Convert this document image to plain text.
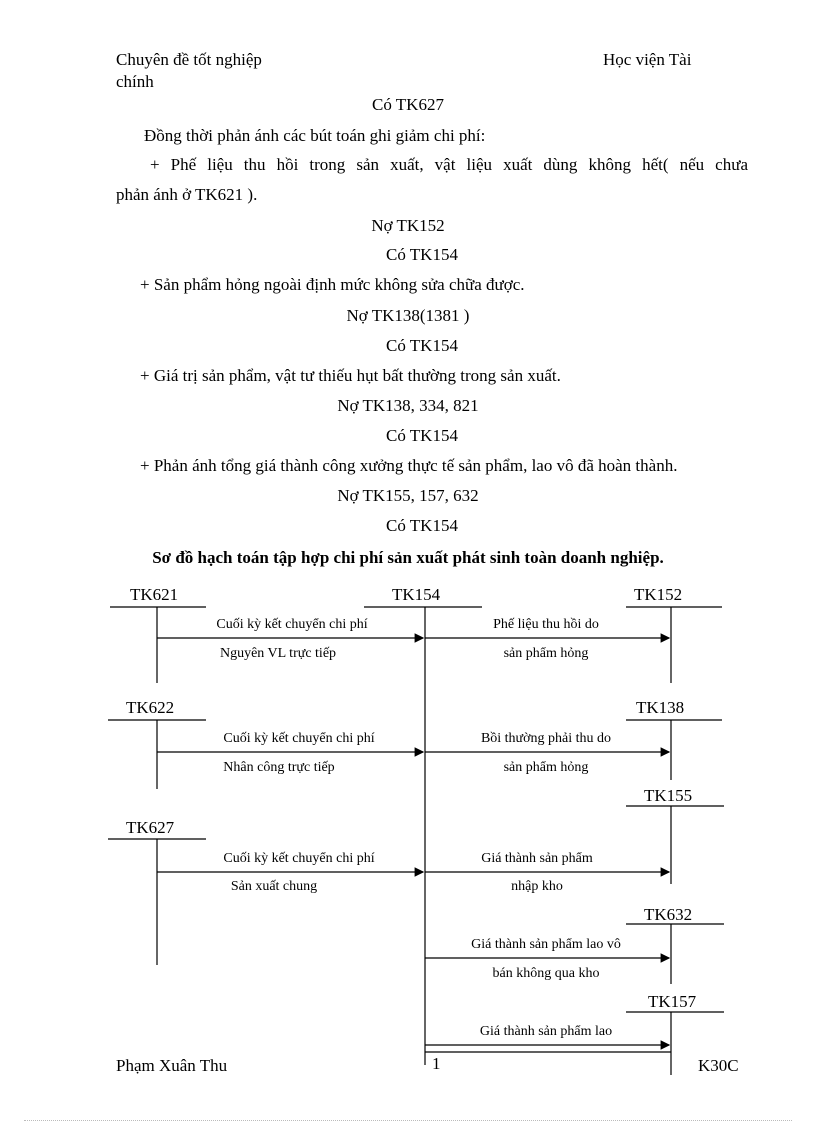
Chuyên đề tốt nghiệp
chính
Học viện Tài
Có TK627
Đồng thời phản ánh các bút toán ghi giảm chi phí:
+ Phế liệu thu hồi trong sản xuất, vật liệu xuất dùng không hết( nếu chưa
phản ánh ở TK621 ).
Nợ TK152
Có TK154
+ Sản phẩm hỏng ngoài định mức không sửa chữa được.
Nợ TK138(1381 )
Có TK154
+ Giá trị sản phẩm, vật tư thiếu hụt bất thường trong sản xuất.
Nợ TK138, 334, 821
Có TK154
+ Phản ánh tổng giá thành công xưởng thực tế sản phẩm, lao vô đã hoàn thành.
Nợ TK155, 157, 632
Có TK154
Sơ đồ hạch toán tập hợp chi phí sản xuất phát sinh toàn doanh nghiệp.
TK621	TK154	TK152
TK622	TK138
TK155
TK627
TK632
TK157
Cuối kỳ kết chuyển chi phí
Nguyên VL trực tiếp
Phế liệu thu hồi do
sản phẩm hỏng
Cuối kỳ kết chuyển chi phí
Nhân công trực tiếp
Bồi thường phải thu do
sản phẩm hỏng
Cuối kỳ kết chuyển chi phí
Sản xuất chung
Giá thành sản phẩm
nhập kho
Giá thành sản phẩm lao vô
bán không qua kho
Giá thành sản phẩm lao
Phạm Xuân Thu	1	K30C
